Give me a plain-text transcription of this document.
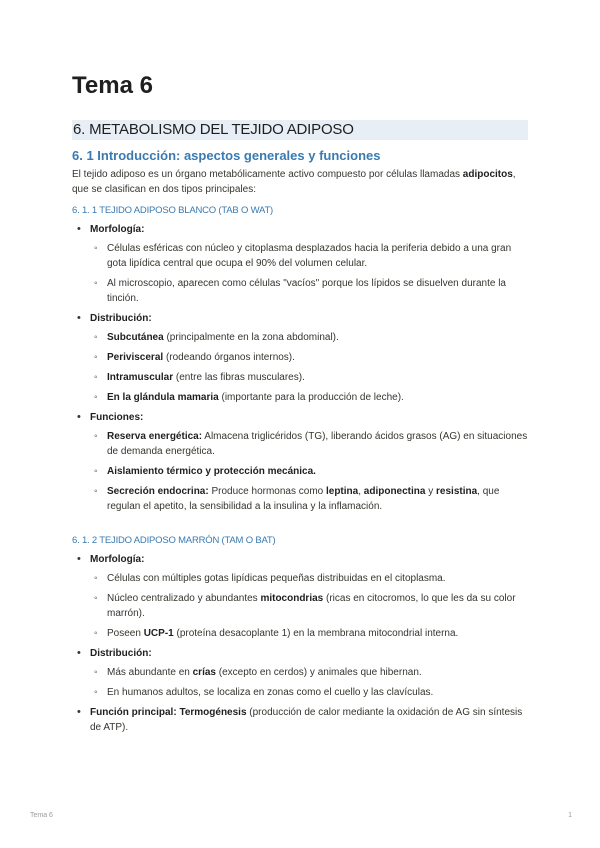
Tema 6
6. METABOLISMO DEL TEJIDO ADIPOSO
6. 1 Introducción: aspectos generales y funciones

El tejido adiposo es un órgano metabólicamente activo compuesto por células llamadas adipocitos, que se clasifican en dos tipos principales:

6. 1. 1 TEJIDO ADIPOSO BLANCO (TAB O WAT)
• Morfología:
◦ Células esféricas con núcleo y citoplasma desplazados hacia la periferia debido a una gran gota lipídica central que ocupa el 90% del volumen celular.
◦ Al microscopio, aparecen como células "vacíos" porque los lípidos se disuelven durante la tinción.
• Distribución:
◦ Subcutánea (principalmente en la zona abdominal).
◦ Perivisceral (rodeando órganos internos).
◦ Intramuscular (entre las fibras musculares).
◦ En la glándula mamaria (importante para la producción de leche).
• Funciones:
◦ Reserva energética: Almacena triglicéridos (TG), liberando ácidos grasos (AG) en situaciones de demanda energética.
◦ Aislamiento térmico y protección mecánica.
◦ Secreción endocrina: Produce hormonas como leptina, adiponectina y resistina, que regulan el apetito, la sensibilidad a la insulina y la inflamación.
6. 1. 2 TEJIDO ADIPOSO MARRÓN (TAM O BAT)
• Morfología:
◦ Células con múltiples gotas lipídicas pequeñas distribuidas en el citoplasma.
◦ Núcleo centralizado y abundantes mitocondrias (ricas en citocromos, lo que les da su color marrón).
◦ Poseen UCP-1 (proteína desacoplante 1) en la membrana mitocondrial interna.
• Distribución:
◦ Más abundante en crías (excepto en cerdos) y animales que hibernan.
◦ En humanos adultos, se localiza en zonas como el cuello y las clavículas.
• Función principal: Termogénesis (producción de calor mediante la oxidación de AG sin síntesis de ATP).
Tema 6	1
